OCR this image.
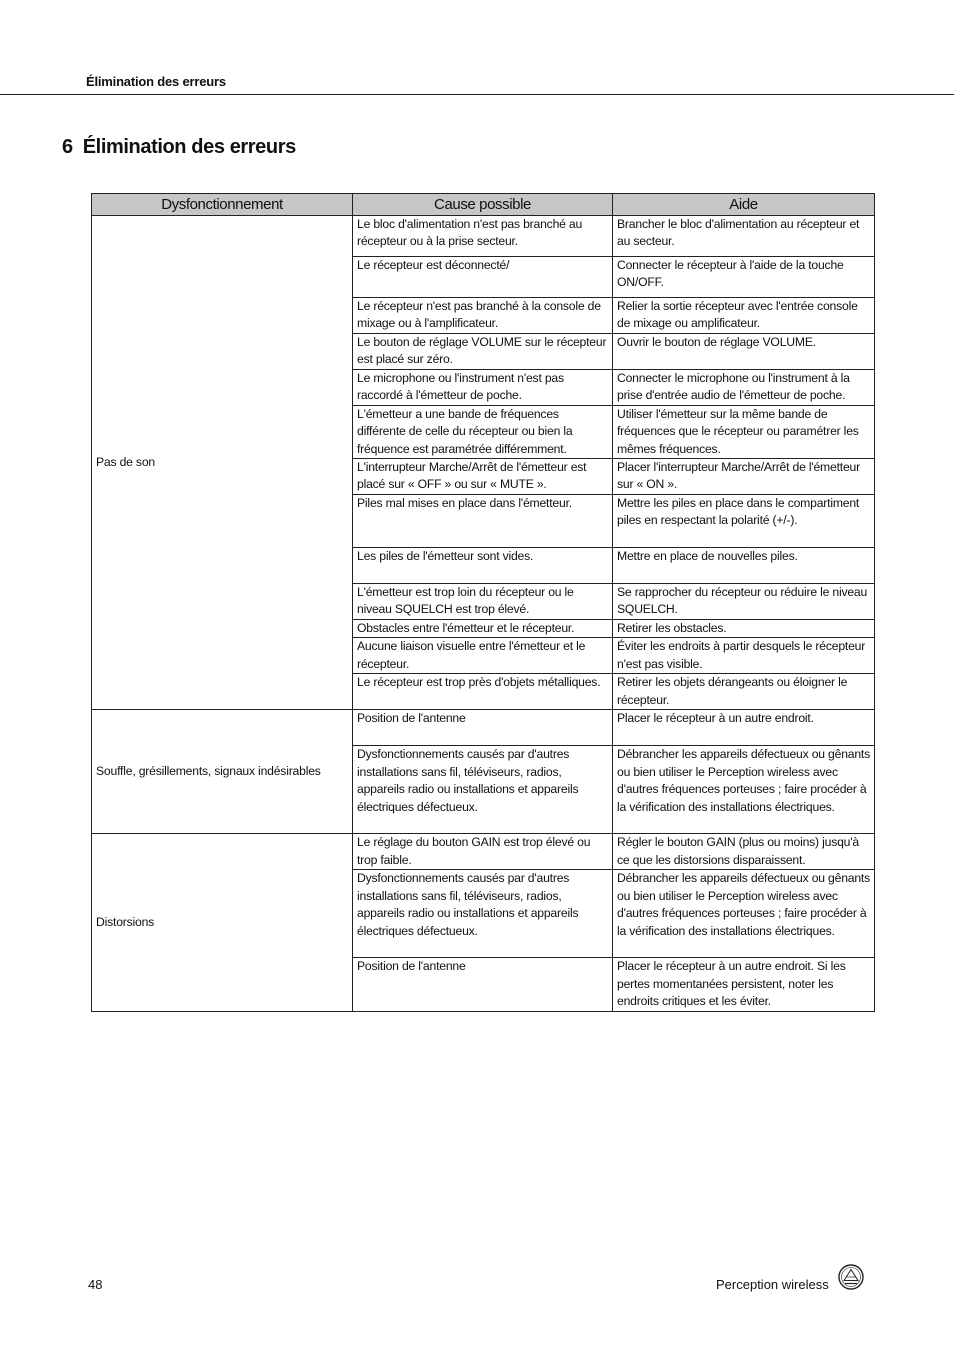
Élimination des erreurs
6 Élimination des erreurs
Dysfonctionnement	Cause possible	Aide
Pas de son	Le bloc d'alimentation n'est pas branché au récepteur ou à la prise secteur.	Brancher le bloc d'alimentation au récepteur et au secteur.
	Le récepteur est déconnecté/	Connecter le récepteur à l'aide de la touche ON/OFF.
	Le récepteur n'est pas branché à la console de mixage ou à l'amplificateur.	Relier la sortie récepteur avec l'entrée console de mixage ou amplificateur.
	Le bouton de réglage VOLUME sur le récepteur est placé sur zéro.	Ouvrir le bouton de réglage VOLUME.
	Le microphone ou l'instrument n'est pas raccordé à l'émetteur de poche.	Connecter le microphone ou l'instrument à la prise d'entrée audio de l'émetteur de poche.
	L'émetteur a une bande de fréquences différente de celle du récepteur ou bien la fréquence est paramétrée différemment.	Utiliser l'émetteur sur la même bande de fréquences que le récepteur ou paramétrer les mêmes fréquences.
	L'interrupteur Marche/Arrêt de l'émetteur est placé sur « OFF » ou sur « MUTE ».	Placer l'interrupteur Marche/Arrêt de l'émetteur sur « ON ».
	Piles mal mises en place dans l'émetteur.	Mettre les piles en place dans le compartiment piles en respectant la polarité (+/-).
	Les piles de l'émetteur sont vides.	Mettre en place de nouvelles piles.
	L'émetteur est trop loin du récepteur ou le niveau SQUELCH est trop élevé.	Se rapprocher du récepteur ou réduire le niveau SQUELCH.
	Obstacles entre l'émetteur et le récepteur.	Retirer les obstacles.
	Aucune liaison visuelle entre l'émetteur et le récepteur.	Éviter les endroits à partir desquels le récepteur n'est pas visible.
	Le récepteur est trop près d'objets métalliques.	Retirer les objets dérangeants ou éloigner le récepteur.
Souffle, grésillements, signaux indésirables	Position de l'antenne	Placer le récepteur à un autre endroit.
	Dysfonctionnements causés par d'autres installations sans fil, téléviseurs, radios, appareils radio ou installations et appareils électriques défectueux.	Débrancher les appareils défectueux ou gênants ou bien utiliser le Perception wireless avec d'autres fréquences porteuses ; faire procéder à la vérification des installations électriques.
Distorsions	Le réglage du bouton GAIN est trop élevé ou trop faible.	Régler le bouton GAIN (plus ou moins) jusqu'à ce que les distorsions disparaissent.
	Dysfonctionnements causés par d'autres installations sans fil, téléviseurs, radios, appareils radio ou installations et appareils électriques défectueux.	Débrancher les appareils défectueux ou gênants ou bien utiliser le Perception wireless avec d'autres fréquences porteuses ; faire procéder à la vérification des installations électriques.
	Position de l'antenne	Placer le récepteur à un autre endroit. Si les pertes momentanées persistent, noter les endroits critiques et les éviter.
48	Perception wireless
